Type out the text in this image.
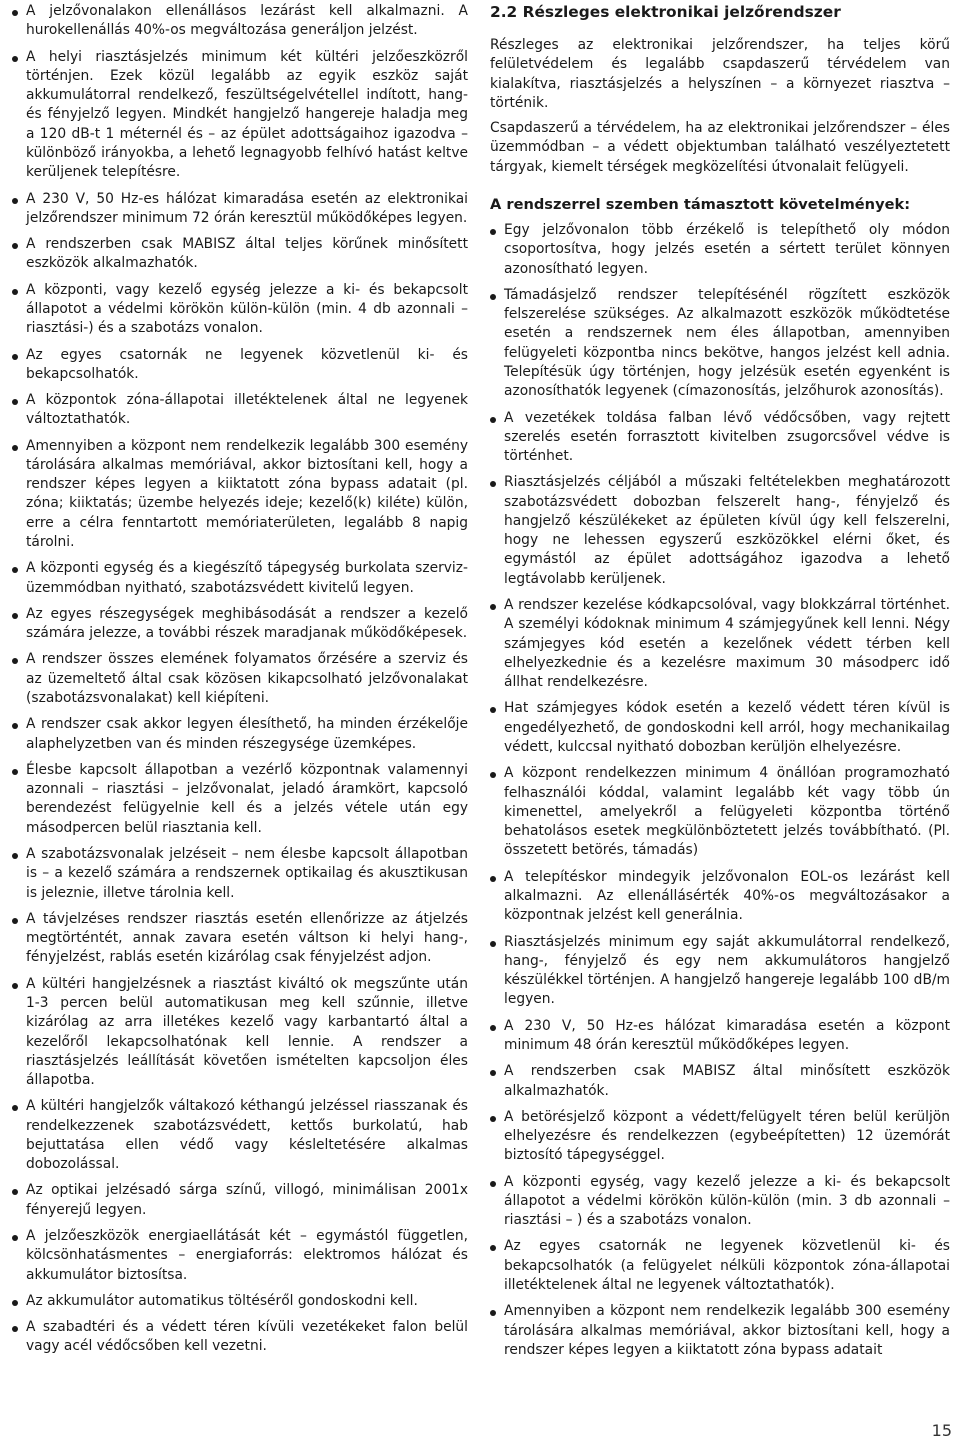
A jelzővonalakon ellenállásos lezárást kell alkalmazni. A hurokellenállás 40%-os megváltozása generáljon jelzést.
A helyi riasztásjelzés minimum két kültéri jelzőeszközről történjen. Ezek közül legalább az egyik eszköz saját akkumulátorral rendelkező, feszültségelvétellel indított, hang- és fényjelző legyen. Mindkét hangjelző hangereje haladja meg a 120 dB-t 1 méternél és – az épület adottságaihoz igazodva – különböző irányokba, a lehető legnagyobb felhívó hatást keltve kerüljenek telepítésre.
A 230 V, 50 Hz-es hálózat kimaradása esetén az elektronikai jelzőrendszer minimum 72 órán keresztül működőképes legyen.
A rendszerben csak MABISZ által teljes körűnek minősített eszközök alkalmazhatók.
A központi, vagy kezelő egység jelezze a ki- és bekapcsolt állapotot a védelmi körökön külön-külön (min. 4 db azonnali – riasztási-) és a szabotázs vonalon.
Az egyes csatornák ne legyenek közvetlenül ki- és bekapcsolhatók.
A központok zóna-állapotai illetéktelenek által ne legyenek változtathatók.
Amennyiben a központ nem rendelkezik legalább 300 esemény tárolására alkalmas memóriával, akkor biztosítani kell, hogy a rendszer képes legyen a kiiktatott zóna bypass adatait (pl. zóna; kiiktatás; üzembe helyezés ideje; kezelő(k) kiléte) külön, erre a célra fenntartott memóriaterületen, legalább 8 napig tárolni.
A központi egység és a kiegészítő tápegység burkolata szerviz-üzemmódban nyitható, szabotázsvédett kivitelű legyen.
Az egyes részegységek meghibásodását a rendszer a kezelő számára jelezze, a további részek maradjanak működőképesek.
A rendszer összes elemének folyamatos őrzésére a szerviz és az üzemeltető által csak közösen kikapcsolható jelzővonalakat (szabotázsvonalakat) kell kiépíteni.
A rendszer csak akkor legyen élesíthető, ha minden érzékelője alaphelyzetben van és minden részegysége üzemképes.
Élesbe kapcsolt állapotban a vezérlő központnak valamennyi azonnali – riasztási – jelzővonalat, jeladó áramkört, kapcsoló berendezést felügyelnie kell és a jelzés vétele után egy másodpercen belül riasztania kell.
A szabotázsvonalak jelzéseit – nem élesbe kapcsolt állapotban is – a kezelő számára a rendszernek optikailag és akusztikusan is jeleznie, illetve tárolnia kell.
A távjelzéses rendszer riasztás esetén ellenőrizze az átjelzés megtörténtét, annak zavara esetén váltson ki helyi hang-, fényjelzést, rablás esetén kizárólag csak fényjelzést adjon.
A kültéri hangjelzésnek a riasztást kiváltó ok megszűnte után 1-3 percen belül automatikusan meg kell szűnnie, illetve kizárólag az arra illetékes kezelő vagy karbantartó által a kezelőről lekapcsolhatónak kell lennie. A rendszer a riasztásjelzés leállítását követően ismételten kapcsoljon éles állapotba.
A kültéri hangjelzők váltakozó kéthangú jelzéssel riasszanak és rendelkezzenek szabotázsvédett, kettős burkolatú, hab bejuttatása ellen védő vagy késleltetésére alkalmas dobozolással.
Az optikai jelzésadó sárga színű, villogó, minimálisan 2001x fényerejű legyen.
A jelzőeszközök energiaellátását két – egymástól független, kölcsönhatásmentes – energiaforrás: elektromos hálózat és akkumulátor biztosítsa.
Az akkumulátor automatikus töltéséről gondoskodni kell.
A szabadtéri és a védett téren kívüli vezetékeket falon belül vagy acél védőcsőben kell vezetni.
2.2 Részleges elektronikai jelzőrendszer

Részleges az elektronikai jelzőrendszer, ha teljes körű felületvédelem és legalább csapdaszerű térvédelem van kialakítva, riasztásjelzés a helyszínen – a környezet riasztva – történik.

Csapdaszerű a térvédelem, ha az elektronikai jelzőrendszer – éles üzemmódban – a védett objektumban található veszélyeztetett tárgyak, kiemelt térségek megközelítési útvonalait felügyeli.

A rendszerrel szemben támasztott követelmények:
Egy jelzővonalon több érzékelő is telepíthető oly módon csoportosítva, hogy jelzés esetén a sértett terület könnyen azonosítható legyen.
Támadásjelző rendszer telepítésénél rögzített eszközök felszerelése szükséges. Az alkalmazott eszközök működtetése esetén a rendszernek nem éles állapotban, amennyiben felügyeleti központba nincs bekötve, hangos jelzést kell adnia. Telepítésük úgy történjen, hogy jelzésük esetén egyenként is azonosíthatók legyenek (címazonosítás, jelzőhurok azonosítás).
A vezetékek toldása falban lévő védőcsőben, vagy rejtett szerelés esetén forrasztott kivitelben zsugorcsővel védve is történhet.
Riasztásjelzés céljából a műszaki feltételekben meghatározott szabotázsvédett dobozban felszerelt hang-, fényjelző és hangjelző készülékeket az épületen kívül úgy kell felszerelni, hogy ne lehessen egyszerű eszközökkel elérni őket, és egymástól az épület adottságához igazodva a lehető legtávolabb kerüljenek.
A rendszer kezelése kódkapcsolóval, vagy blokkzárral történhet. A személyi kódoknak minimum 4 számjegyűnek kell lenni. Négy számjegyes kód esetén a kezelőnek védett térben kell elhelyezkednie és a kezelésre maximum 30 másodperc idő állhat rendelkezésre.
Hat számjegyes kódok esetén a kezelő védett téren kívül is engedélyezhető, de gondoskodni kell arról, hogy mechanikailag védett, kulccsal nyitható dobozban kerüljön elhelyezésre.
A központ rendelkezzen minimum 4 önállóan programozható felhasználói kóddal, valamint legalább két vagy több ún kimenettel, amelyekről a felügyeleti központba történő behatolásos esetek megkülönböztetett jelzés továbbítható. (Pl. összetett betörés, támadás)
A telepítéskor mindegyik jelzővonalon EOL-os lezárást kell alkalmazni. Az ellenállásérték 40%-os megváltozásakor a központnak jelzést kell generálnia.
Riasztásjelzés minimum egy saját akkumulátorral rendelkező, hang-, fényjelző és egy nem akkumulátoros hangjelző készülékkel történjen. A hangjelző hangereje legalább 100 dB/m legyen.
A 230 V, 50 Hz-es hálózat kimaradása esetén a központ minimum 48 órán keresztül működőképes legyen.
A rendszerben csak MABISZ által minősített eszközök alkalmazhatók.
A betörésjelző központ a védett/felügyelt téren belül kerüljön elhelyezésre és rendelkezzen (egybeépítetten) 12 üzemórát biztosító tápegységgel.
A központi egység, vagy kezelő jelezze a ki- és bekapcsolt állapotot a védelmi körökön külön-külön (min. 3 db azonnali – riasztási – ) és a szabotázs vonalon.
Az egyes csatornák ne legyenek közvetlenül ki- és bekapcsolhatók (a felügyelet nélküli központok zóna-állapotai illetéktelenek által ne legyenek változtathatók).
Amennyiben a központ nem rendelkezik legalább 300 esemény tárolására alkalmas memóriával, akkor biztosítani kell, hogy a rendszer képes legyen a kiiktatott zóna bypass adatait
15
